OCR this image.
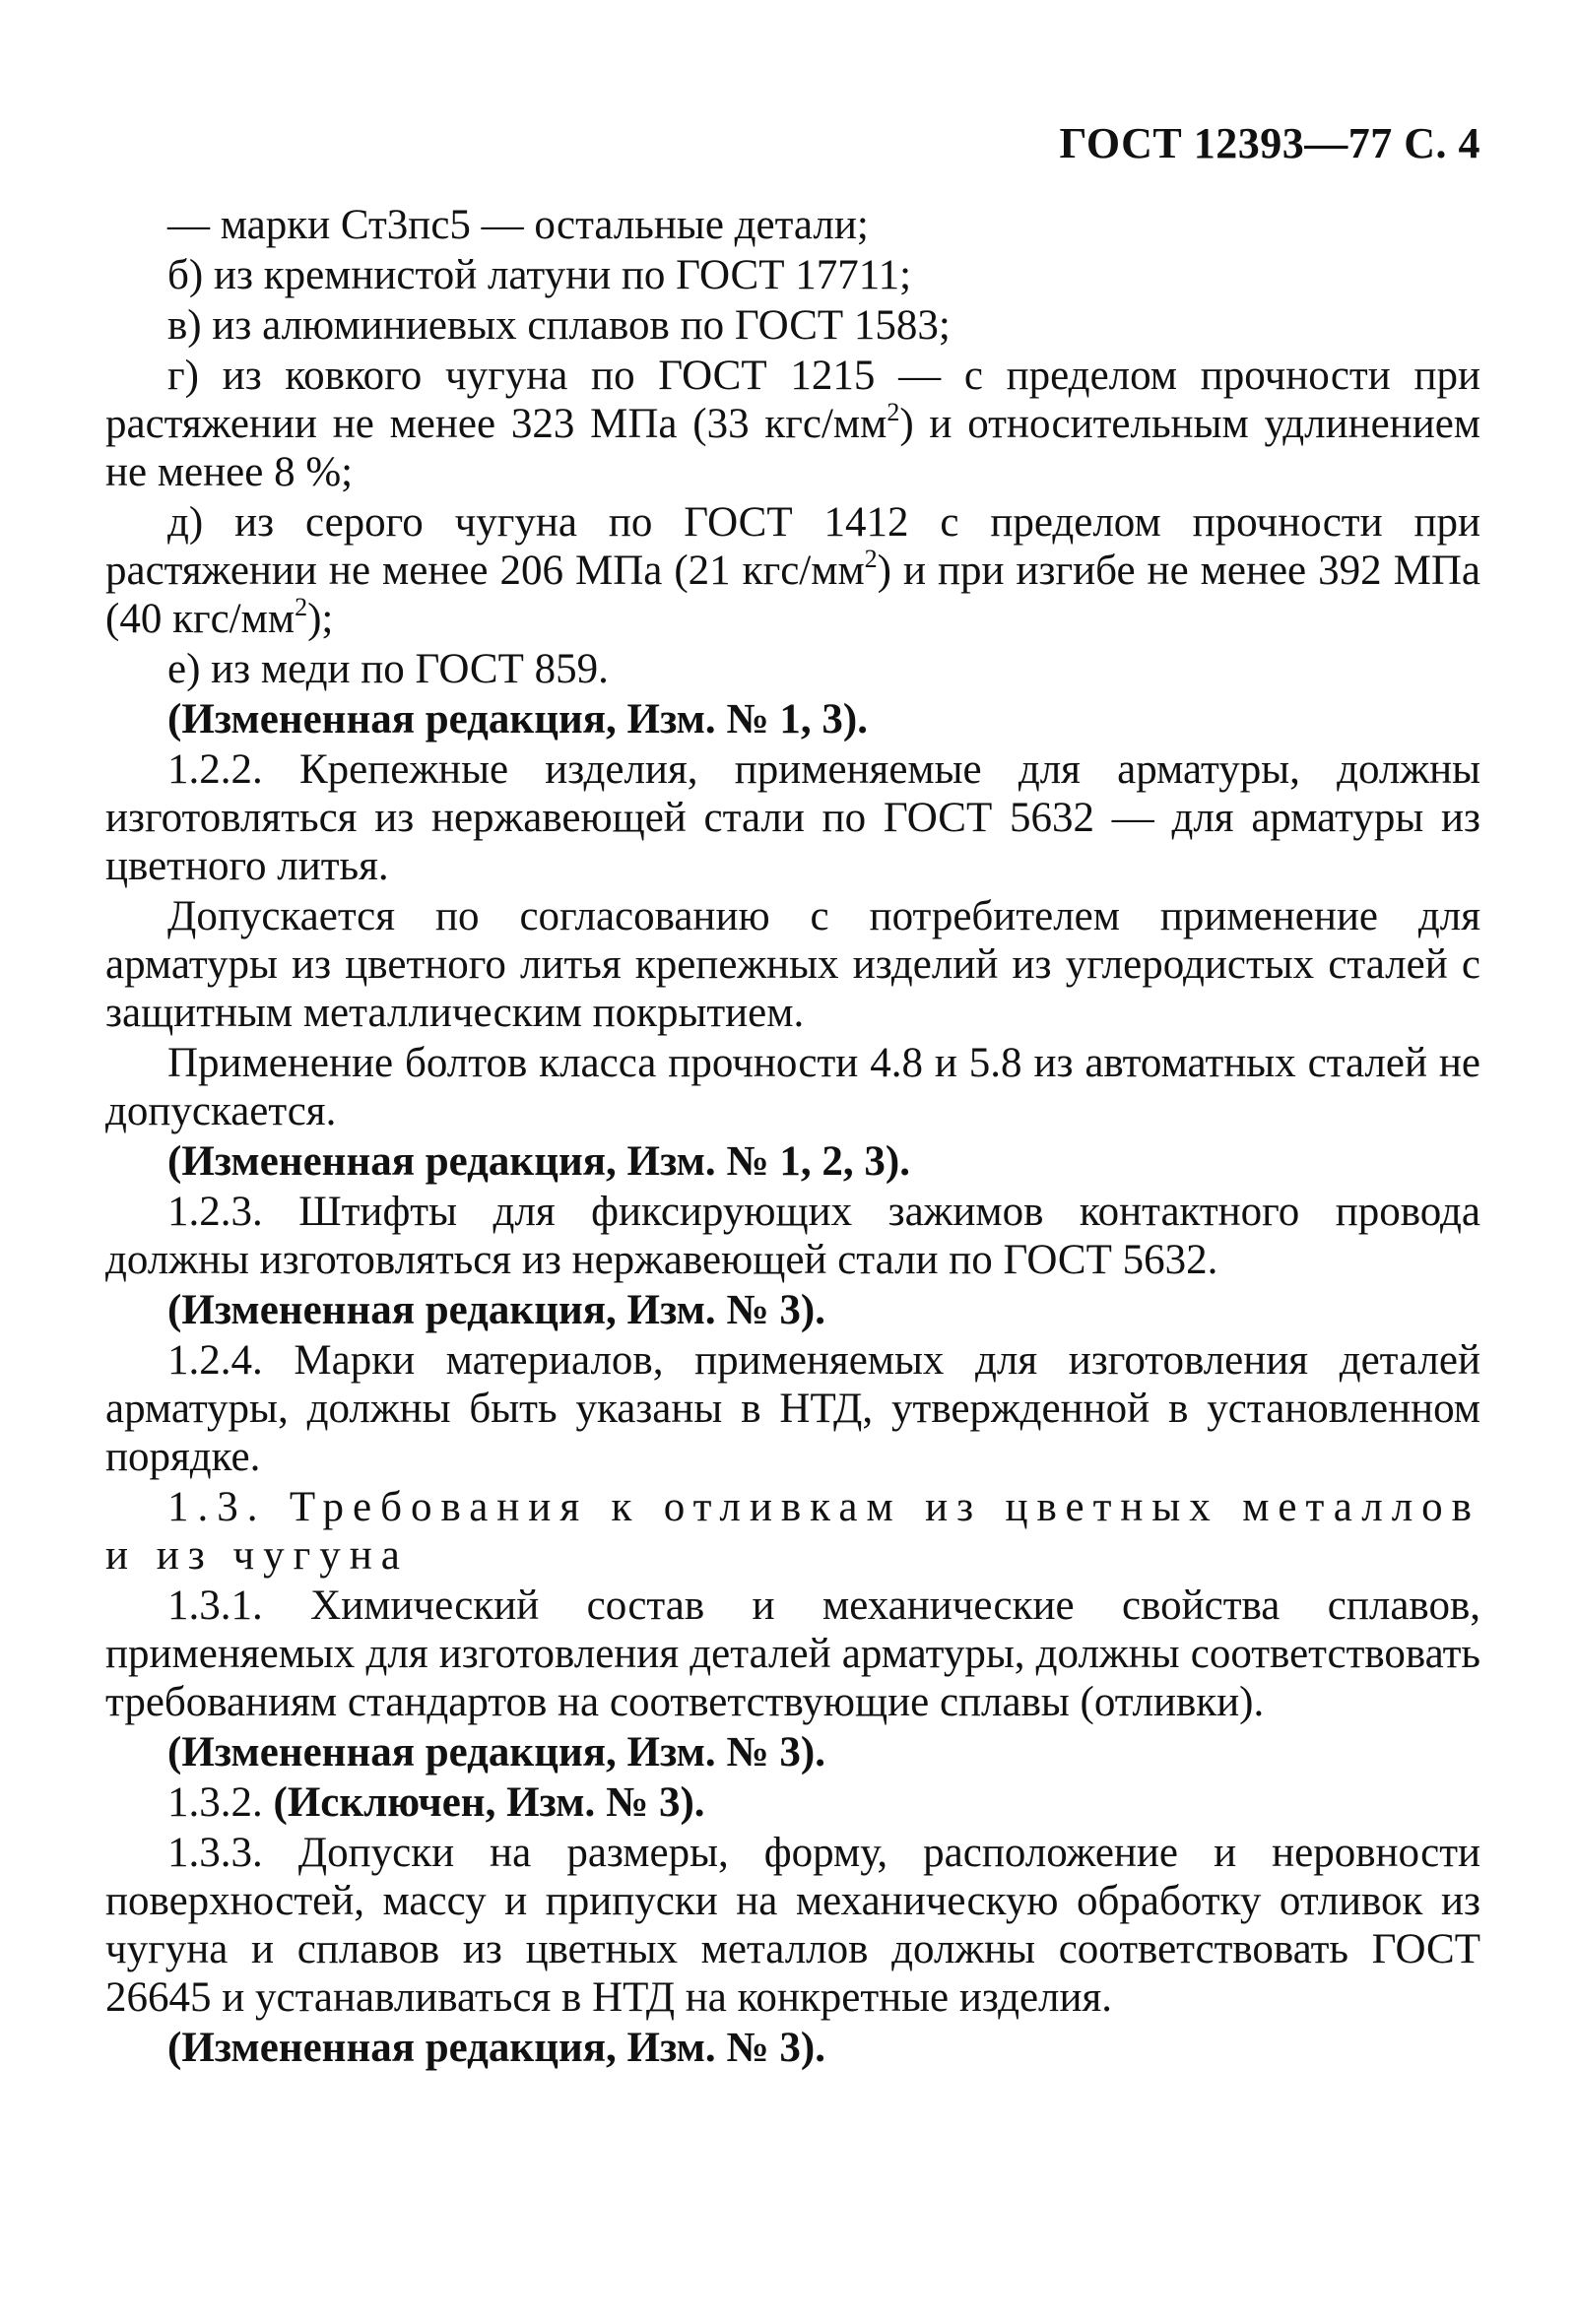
ГОСТ 12393—77 С. 4

— марки Ст3пс5 — остальные детали;

б) из кремнистой латуни по ГОСТ 17711;

в) из алюминиевых сплавов по ГОСТ 1583;

г) из ковкого чугуна по ГОСТ 1215 — с пределом прочности при растяжении не менее 323 МПа (33 кгс/$мм^2$) и относительным удлинением не менее 8 %;

д) из серого чугуна по ГОСТ 1412 с пределом прочности при растяжении не менее 206 МПа (21 кгс/$мм^2$) и при изгибе не менее 392 МПа (40 кгс/$мм^2$);

е) из меди по ГОСТ 859.

(Измененная редакция, Изм. № 1, 3).

1.2.2. Крепежные изделия, применяемые для арматуры, должны изготовляться из нержавеющей стали по ГОСТ 5632 — для арматуры из цветного литья.

Допускается по согласованию с потребителем применение для арматуры из цветного литья крепежных изделий из углеродистых сталей с защитным металлическим покрытием.

Применение болтов класса прочности 4.8 и 5.8 из автоматных сталей не допускается.

(Измененная редакция, Изм. № 1, 2, 3).

1.2.3. Штифты для фиксирующих зажимов контактного провода должны изготовляться из нержавеющей стали по ГОСТ 5632.

(Измененная редакция, Изм. № 3).

1.2.4. Марки материалов, применяемых для изготовления деталей арматуры, должны быть указаны в НТД, утвержденной в установленном порядке.

1.3. Требования к отливкам из цветных металлов и из чугуна

1.3.1. Химический состав и механические свойства сплавов, применяемых для изготовления деталей арматуры, должны соответствовать требованиям стандартов на соответствующие сплавы (отливки).

(Измененная редакция, Изм. № 3).

1.3.2. (Исключен, Изм. № 3).

1.3.3. Допуски на размеры, форму, расположение и неровности поверхностей, массу и припуски на механическую обработку отливок из чугуна и сплавов из цветных металлов должны соответствовать ГОСТ 26645 и устанавливаться в НТД на конкретные изделия.

(Измененная редакция, Изм. № 3).
